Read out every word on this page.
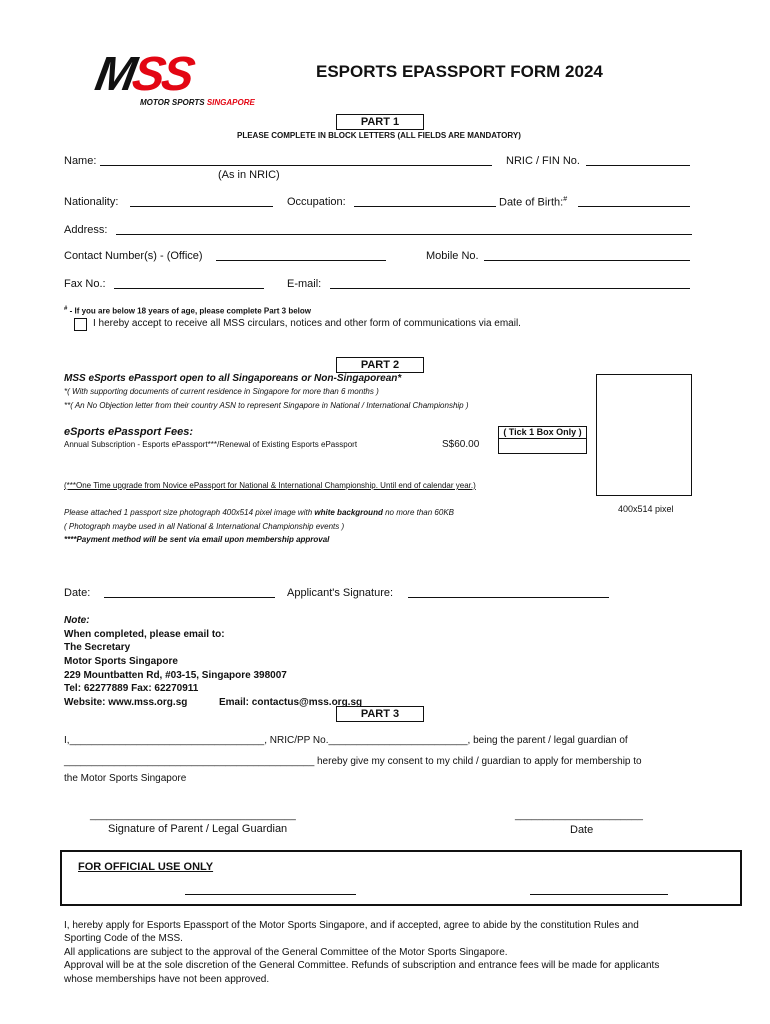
MSS
MOTOR SPORTS SINGAPORE
ESPORTS EPASSPORT FORM 2024
PART 1
PLEASE COMPLETE IN BLOCK LETTERS (ALL FIELDS ARE MANDATORY)
Name:	NRIC / FIN No.
(As in NRIC)
Nationality:	Occupation:	Date of Birth:#
Address:
Contact Number(s) - (Office)	Mobile No.
Fax No.:	E-mail:
# - If you are below 18 years of age, please complete Part 3 below
I hereby accept to receive all MSS circulars, notices and other form of communications via email.
PART 2
MSS eSports ePassport open to all Singaporeans or Non-Singaporean*
*( With supporting documents of current residence in Singapore for more than 6 months )
**( An No Objection letter from their country ASN to represent Singapore in National / International Championship )
eSports ePassport Fees:	( Tick 1 Box Only )
Annual Subscription - Esports ePassport***/Renewal of Existing Esports ePassport	S$60.00
(***One Time upgrade from Novice ePassport for National & International Championship. Until end of calendar year.)
400x514 pixel
Please attached 1 passport size photograph 400x514 pixel image with white background no more than 60KB
( Photograph maybe used in all National & International Championship events )
****Payment method will be sent via email upon membership approval
Date:	Applicant's Signature:
Note:
When completed, please email to:
The Secretary
Motor Sports Singapore
229 Mountbatten Rd, #03-15, Singapore 398007
Tel: 62277889 Fax: 62270911
Website: www.mss.org.sg	Email: contactus@mss.org.sg
PART 3
I,___________________________________, NRIC/PP No._________________________, being the parent / legal guardian of
_____________________________________________ hereby give my consent to my child / guardian to apply for membership to
the Motor Sports Singapore
_____________________________________
Signature of Parent / Legal Guardian
_______________________
Date
FOR OFFICIAL USE ONLY
I, hereby apply for Esports Epassport of the Motor Sports Singapore, and if accepted, agree to abide by the constitution Rules and
Sporting Code of the MSS.
All applications are subject to the approval of the General Committee of the Motor Sports Singapore.
Approval will be at the sole discretion of the General Committee. Refunds of subscription and entrance fees will be made for applicants
whose memberships have not been approved.
